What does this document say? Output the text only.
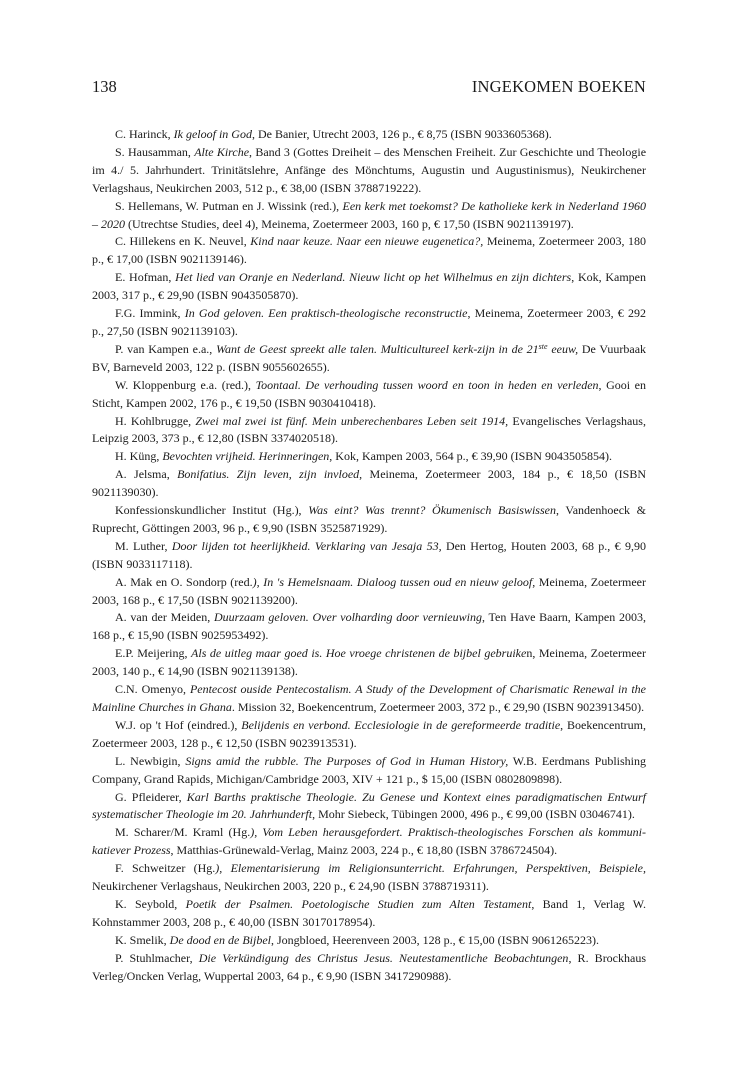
138	INGEKOMEN BOEKEN

C. Harinck, Ik geloof in God, De Banier, Utrecht 2003, 126 p., € 8,75 (ISBN 9033605368).

S. Hausamman, Alte Kirche, Band 3 (Gottes Dreiheit – des Menschen Freiheit. Zur Geschichte und Theologie im 4./ 5. Jahrhundert. Trinitätslehre, Anfänge des Mönchtums, Augustin und Augustinismus), Neukirchener Verlagshaus, Neukirchen 2003, 512 p., € 38,00 (ISBN 3788719222).

S. Hellemans, W. Putman en J. Wissink (red.), Een kerk met toekomst? De katholieke kerk in Nederland 1960 – 2020 (Utrechtse Studies, deel 4), Meinema, Zoetermeer 2003, 160 p, € 17,50 (ISBN 9021139197).

C. Hillekens en K. Neuvel, Kind naar keuze. Naar een nieuwe eugenetica?, Meinema, Zoetermeer 2003, 180 p., € 17,00 (ISBN 9021139146).

E. Hofman, Het lied van Oranje en Nederland. Nieuw licht op het Wilhelmus en zijn dichters, Kok, Kampen 2003, 317 p., € 29,90 (ISBN 9043505870).

F.G. Immink, In God geloven. Een praktisch-theologische reconstructie, Meinema, Zoetermeer 2003, € 292 p., 27,50 (ISBN 9021139103).

P. van Kampen e.a., Want de Geest spreekt alle talen. Multicultureel kerk-zijn in de 21ste eeuw, De Vuurbaak BV, Barneveld 2003, 122 p. (ISBN 9055602655).

W. Kloppenburg e.a. (red.), Toontaal. De verhouding tussen woord en toon in heden en verleden, Gooi en Sticht, Kampen 2002, 176 p., € 19,50 (ISBN 9030410418).

H. Kohlbrugge, Zwei mal zwei ist fünf. Mein unberechenbares Leben seit 1914, Evangelisches Verlagshaus, Leipzig 2003, 373 p., € 12,80 (ISBN 3374020518).

H. Küng, Bevochten vrijheid. Herinneringen, Kok, Kampen 2003, 564 p., € 39,90 (ISBN 9043505854).

A. Jelsma, Bonifatius. Zijn leven, zijn invloed, Meinema, Zoetermeer 2003, 184 p., € 18,50 (ISBN 9021139030).

Konfessionskundlicher Institut (Hg.), Was eint? Was trennt? Ökumenisch Basiswissen, Vandenhoeck & Ruprecht, Göttingen 2003, 96 p., € 9,90 (ISBN 3525871929).

M. Luther, Door lijden tot heerlijkheid. Verklaring van Jesaja 53, Den Hertog, Houten 2003, 68 p., € 9,90 (ISBN 9033117118).

A. Mak en O. Sondorp (red.), In 's Hemelsnaam. Dialoog tussen oud en nieuw geloof, Meinema, Zoetermeer 2003, 168 p., € 17,50 (ISBN 9021139200).

A. van der Meiden, Duurzaam geloven. Over volharding door vernieuwing, Ten Have Baarn, Kampen 2003, 168 p., € 15,90 (ISBN 9025953492).

E.P. Meijering, Als de uitleg maar goed is. Hoe vroege christenen de bijbel gebruiken, Meinema, Zoetermeer 2003, 140 p., € 14,90 (ISBN 9021139138).

C.N. Omenyo, Pentecost ouside Pentecostalism. A Study of the Development of Charismatic Renewal in the Mainline Churches in Ghana. Mission 32, Boekencentrum, Zoetermeer 2003, 372 p., € 29,90 (ISBN 9023913450).

W.J. op 't Hof (eindred.), Belijdenis en verbond. Ecclesiologie in de gereformeerde traditie, Boekencentrum, Zoetermeer 2003, 128 p., € 12,50 (ISBN 9023913531).

L. Newbigin, Signs amid the rubble. The Purposes of God in Human History, W.B. Eerdmans Publishing Company, Grand Rapids, Michigan/Cambridge 2003, XIV + 121 p., $ 15,00 (ISBN 0802809898).

G. Pfleiderer, Karl Barths praktische Theologie. Zu Genese und Kontext eines paradigmatischen Entwurf systematischer Theologie im 20. Jahrhunderft, Mohr Siebeck, Tübingen 2000, 496 p., € 99,00 (ISBN 03046741).

M. Scharer/M. Kraml (Hg.), Vom Leben herausgefordert. Praktisch-theologisches Forschen als kommuni-katiever Prozess, Matthias-Grünewald-Verlag, Mainz 2003, 224 p., € 18,80 (ISBN 3786724504).

F. Schweitzer (Hg.), Elementarisierung im Religionsunterricht. Erfahrungen, Perspektiven, Beispiele, Neukirchener Verlagshaus, Neukirchen 2003, 220 p., € 24,90 (ISBN 3788719311).

K. Seybold, Poetik der Psalmen. Poetologische Studien zum Alten Testament, Band 1, Verlag W. Kohnstammer 2003, 208 p., € 40,00 (ISBN 30170178954).

K. Smelik, De dood en de Bijbel, Jongbloed, Heerenveen 2003, 128 p., € 15,00 (ISBN 9061265223).

P. Stuhlmacher, Die Verkündigung des Christus Jesus. Neutestamentliche Beobachtungen, R. Brockhaus Verleg/Oncken Verlag, Wuppertal 2003, 64 p., € 9,90 (ISBN 3417290988).
